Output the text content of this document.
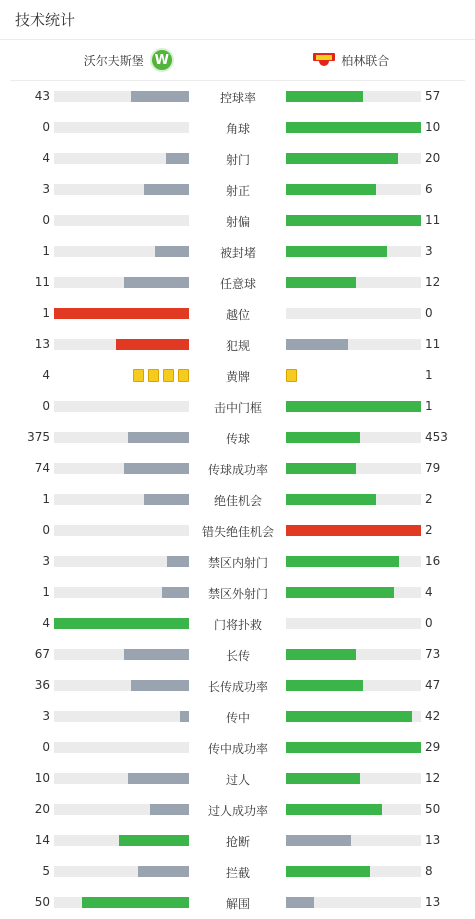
技术统计
沃尔夫斯堡 W	柏林联合
43	控球率	57
0	角球	10
4	射门	20
3	射正	6
0	射偏	11
1	被封堵	3
11	任意球	12
1	越位	0
13	犯规	11
4	黄牌	1
0	击中门框	1
375	传球	453
74	传球成功率	79
1	绝佳机会	2
0	错失绝佳机会	2
3	禁区内射门	16
1	禁区外射门	4
4	门将扑救	0
67	长传	73
36	长传成功率	47
3	传中	42
0	传中成功率	29
10	过人	12
20	过人成功率	50
14	抢断	13
5	拦截	8
50	解围	13
